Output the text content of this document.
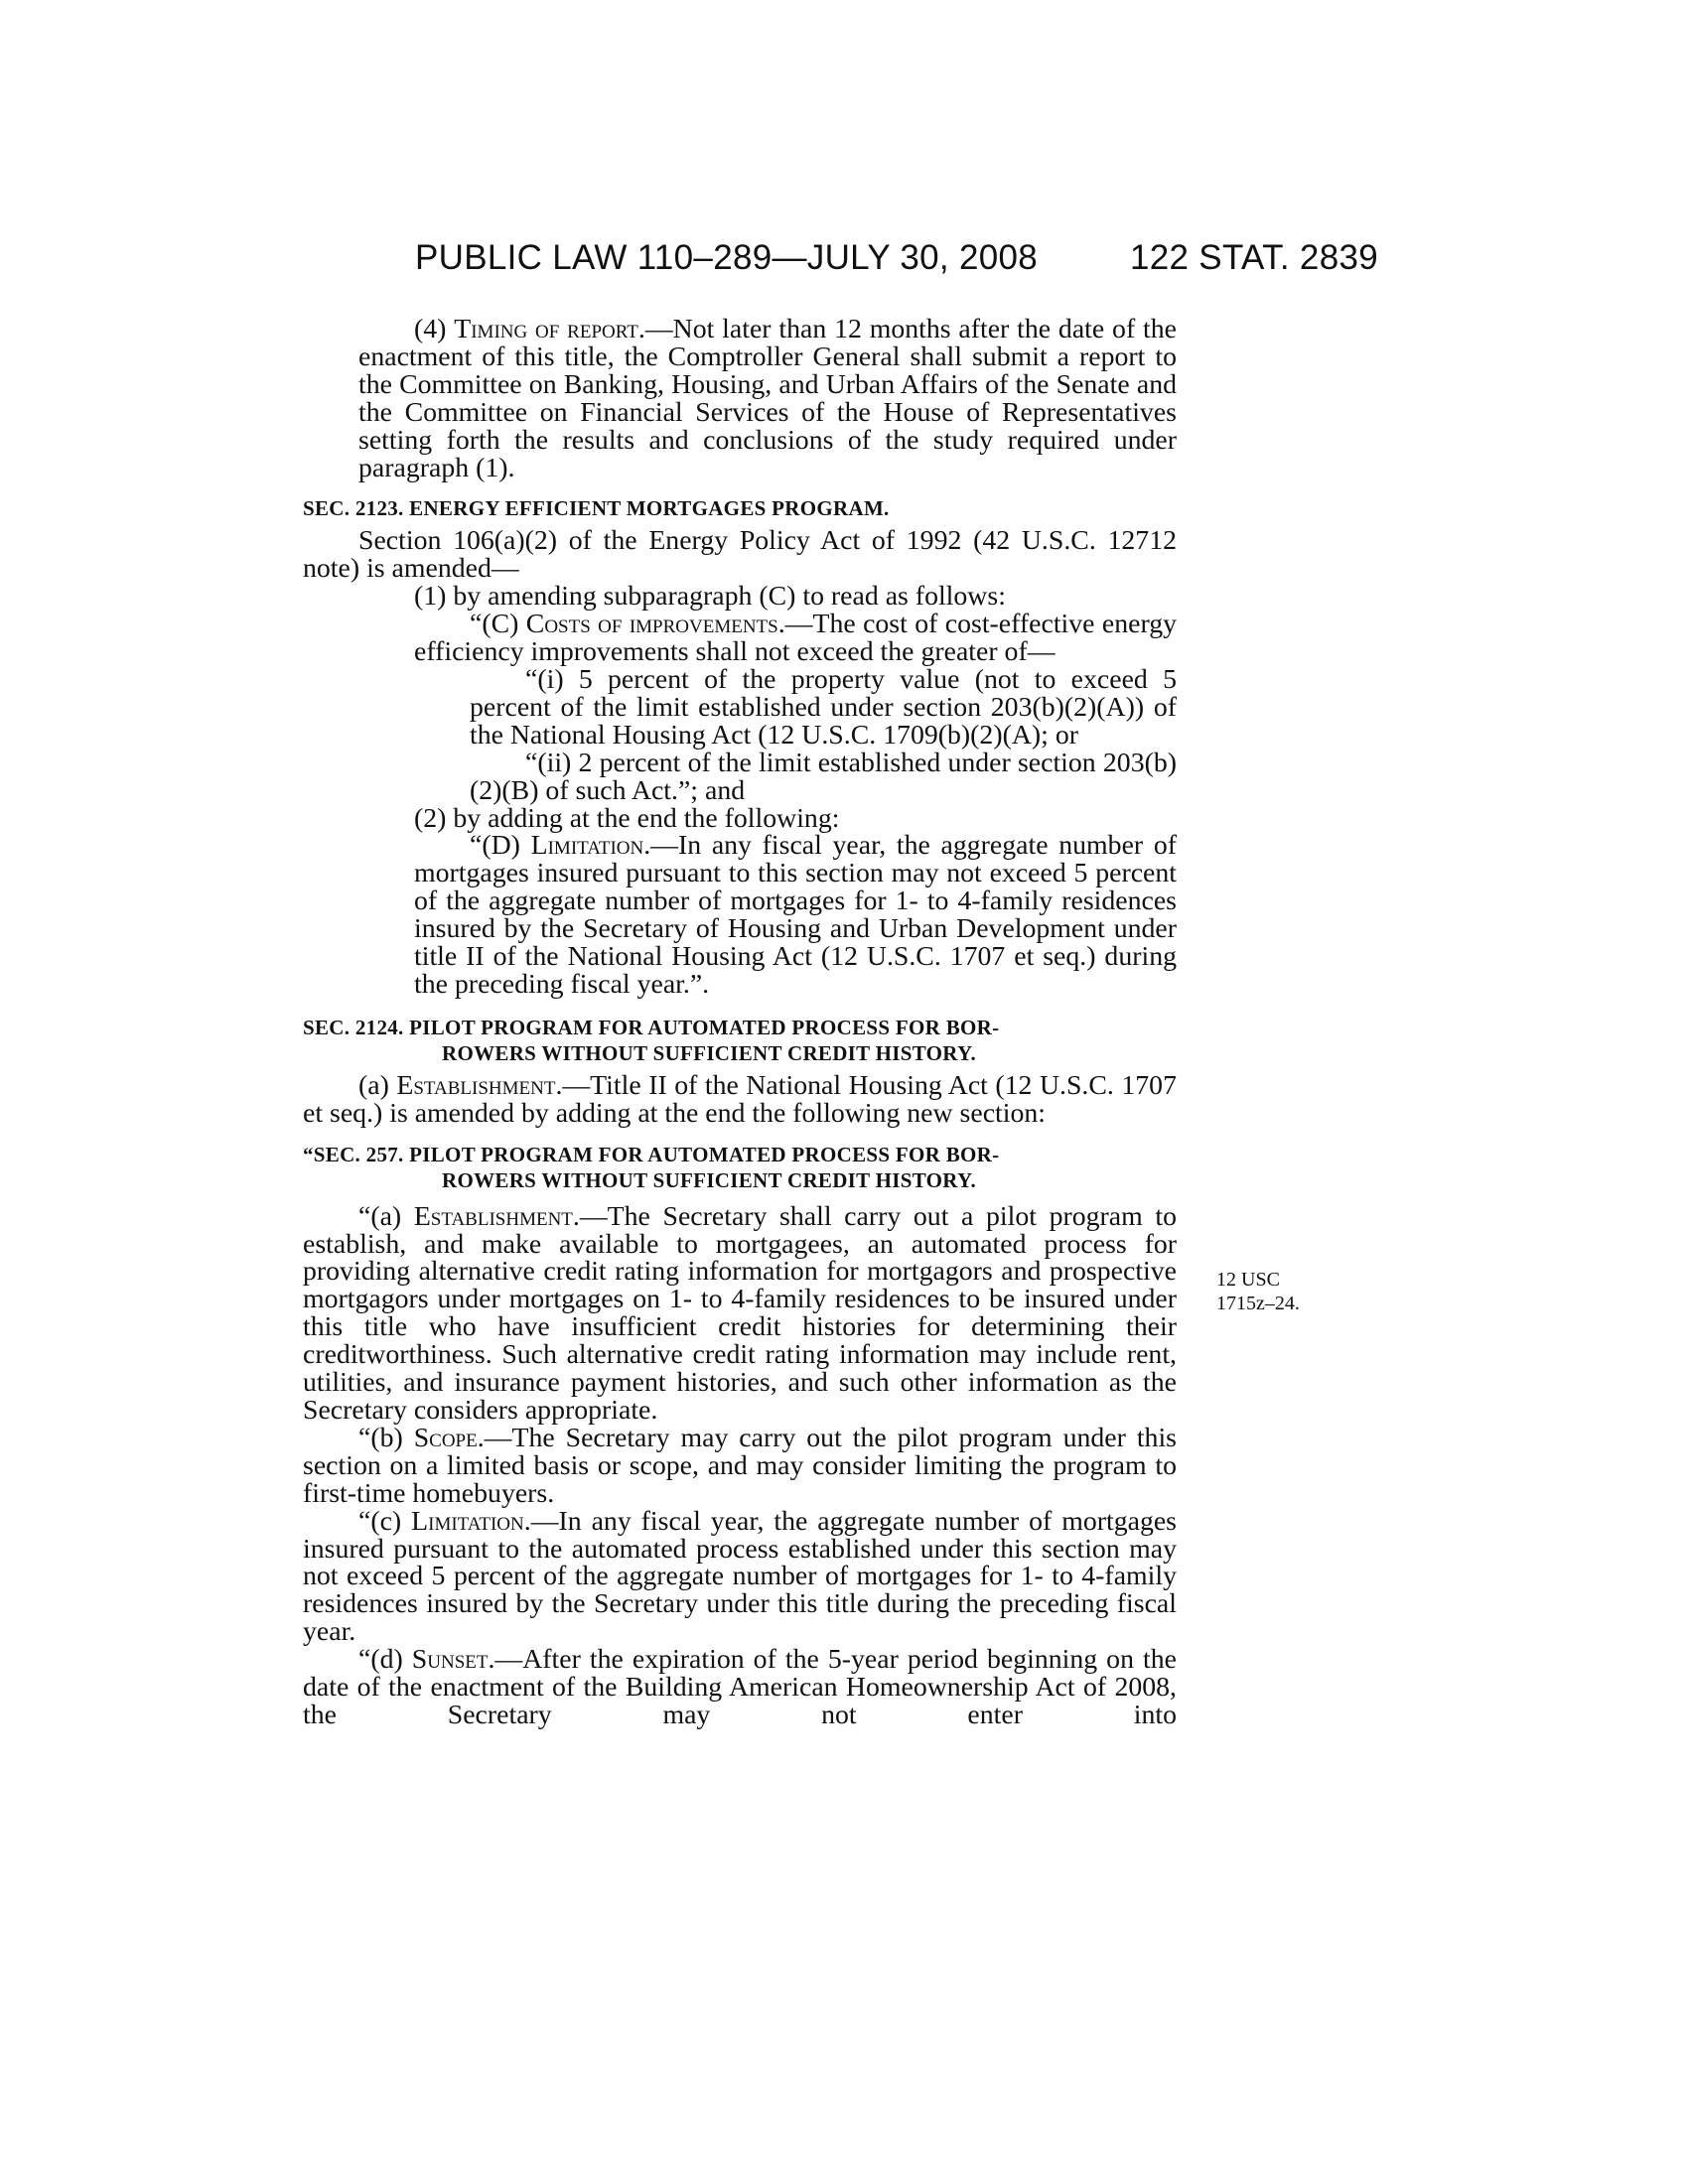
PUBLIC LAW 110–289—JULY 30, 2008	122 STAT. 2839
12 USC
1715z–24.

(4) Timing of report.—Not later than 12 months after the date of the enactment of this title, the Comptroller General shall submit a report to the Committee on Banking, Housing, and Urban Affairs of the Senate and the Committee on Financial Services of the House of Representatives setting forth the results and conclusions of the study required under paragraph (1).

SEC. 2123. ENERGY EFFICIENT MORTGAGES PROGRAM.

Section 106(a)(2) of the Energy Policy Act of 1992 (42 U.S.C. 12712 note) is amended—

(1) by amending subparagraph (C) to read as follows:

“(C) Costs of improvements.—The cost of cost-effective energy efficiency improvements shall not exceed the greater of—

“(i) 5 percent of the property value (not to exceed 5 percent of the limit established under section 203(b)(2)(A)) of the National Housing Act (12 U.S.C. 1709(b)(2)(A); or

“(ii) 2 percent of the limit established under section 203(b)(2)(B) of such Act.”; and

(2) by adding at the end the following:

“(D) Limitation.—In any fiscal year, the aggregate number of mortgages insured pursuant to this section may not exceed 5 percent of the aggregate number of mortgages for 1- to 4-family residences insured by the Secretary of Housing and Urban Development under title II of the National Housing Act (12 U.S.C. 1707 et seq.) during the preceding fiscal year.”.

SEC. 2124. PILOT PROGRAM FOR AUTOMATED PROCESS FOR BOR-
ROWERS WITHOUT SUFFICIENT CREDIT HISTORY.

(a) Establishment.—Title II of the National Housing Act (12 U.S.C. 1707 et seq.) is amended by adding at the end the following new section:

“SEC. 257. PILOT PROGRAM FOR AUTOMATED PROCESS FOR BOR-
ROWERS WITHOUT SUFFICIENT CREDIT HISTORY.

“(a) Establishment.—The Secretary shall carry out a pilot program to establish, and make available to mortgagees, an automated process for providing alternative credit rating information for mortgagors and prospective mortgagors under mortgages on 1- to 4-family residences to be insured under this title who have insufficient credit histories for determining their creditworthiness. Such alternative credit rating information may include rent, utilities, and insurance payment histories, and such other information as the Secretary considers appropriate.

“(b) Scope.—The Secretary may carry out the pilot program under this section on a limited basis or scope, and may consider limiting the program to first-time homebuyers.

“(c) Limitation.—In any fiscal year, the aggregate number of mortgages insured pursuant to the automated process established under this section may not exceed 5 percent of the aggregate number of mortgages for 1- to 4-family residences insured by the Secretary under this title during the preceding fiscal year.

“(d) Sunset.—After the expiration of the 5-year period beginning on the date of the enactment of the Building American Homeownership Act of 2008, the Secretary may not enter into
